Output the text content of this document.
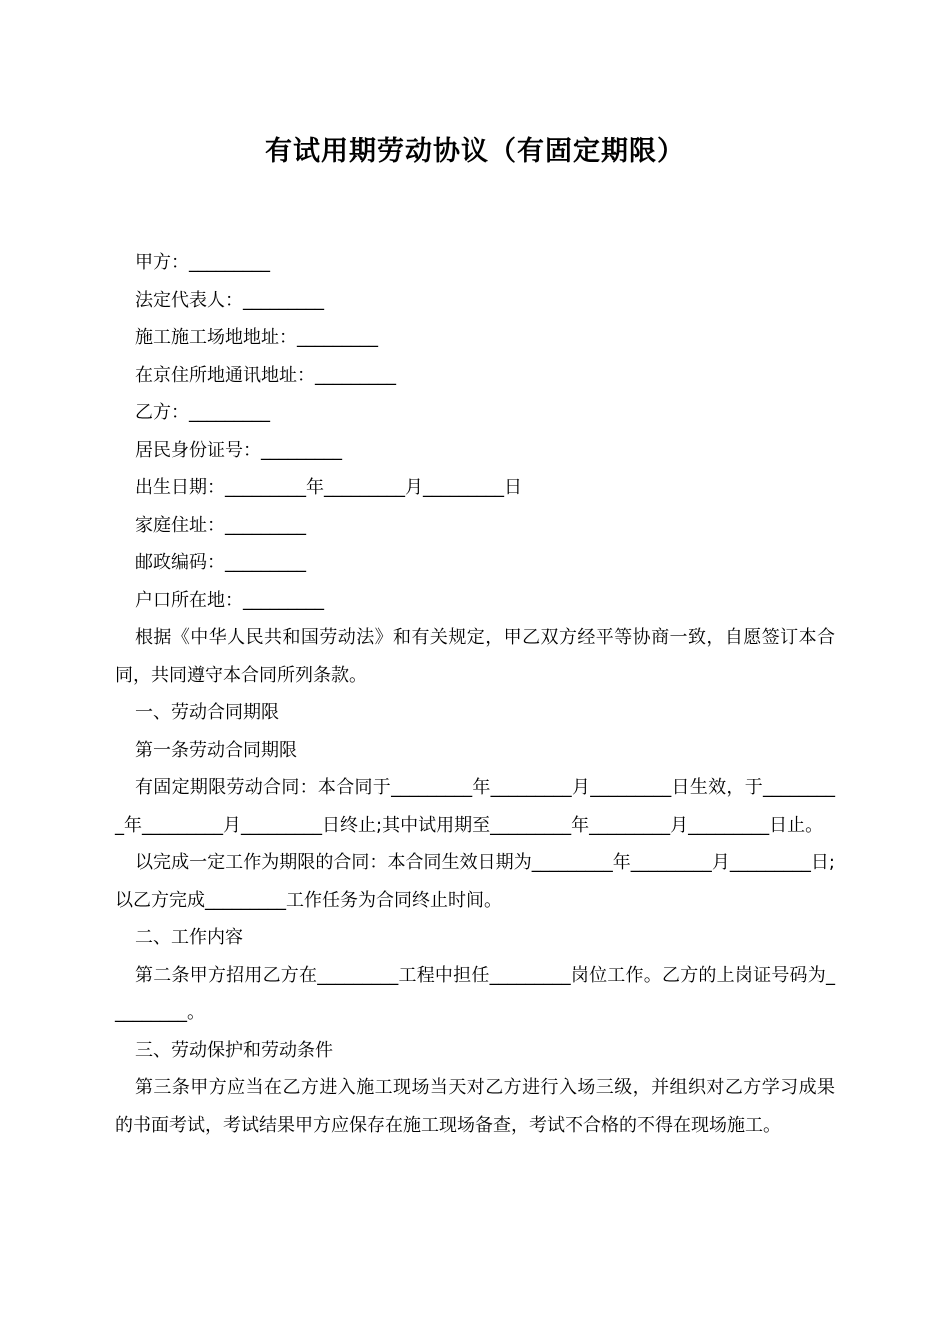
有试用期劳动协议（有固定期限）
甲方：_________
法定代表人：_________
施工施工场地地址：_________
在京住所地通讯地址：_________
乙方：_________
居民身份证号：_________
出生日期：_________年_________月_________日
家庭住址：_________
邮政编码：_________
户口所在地：_________
根据《中华人民共和国劳动法》和有关规定，甲乙双方经平等协商一致，自愿签订本合同，共同遵守本合同所列条款。
一、劳动合同期限
第一条劳动合同期限
有固定期限劳动合同：本合同于_________年_________月_________日生效，于_________年_________月_________日终止;其中试用期至_________年_________月_________日止。
以完成一定工作为期限的合同：本合同生效日期为_________年_________月_________日;以乙方完成_________工作任务为合同终止时间。
二、工作内容
第二条甲方招用乙方在_________工程中担任_________岗位工作。乙方的上岗证号码为_________。
三、劳动保护和劳动条件
第三条甲方应当在乙方进入施工现场当天对乙方进行入场三级，并组织对乙方学习成果的书面考试，考试结果甲方应保存在施工现场备查，考试不合格的不得在现场施工。
